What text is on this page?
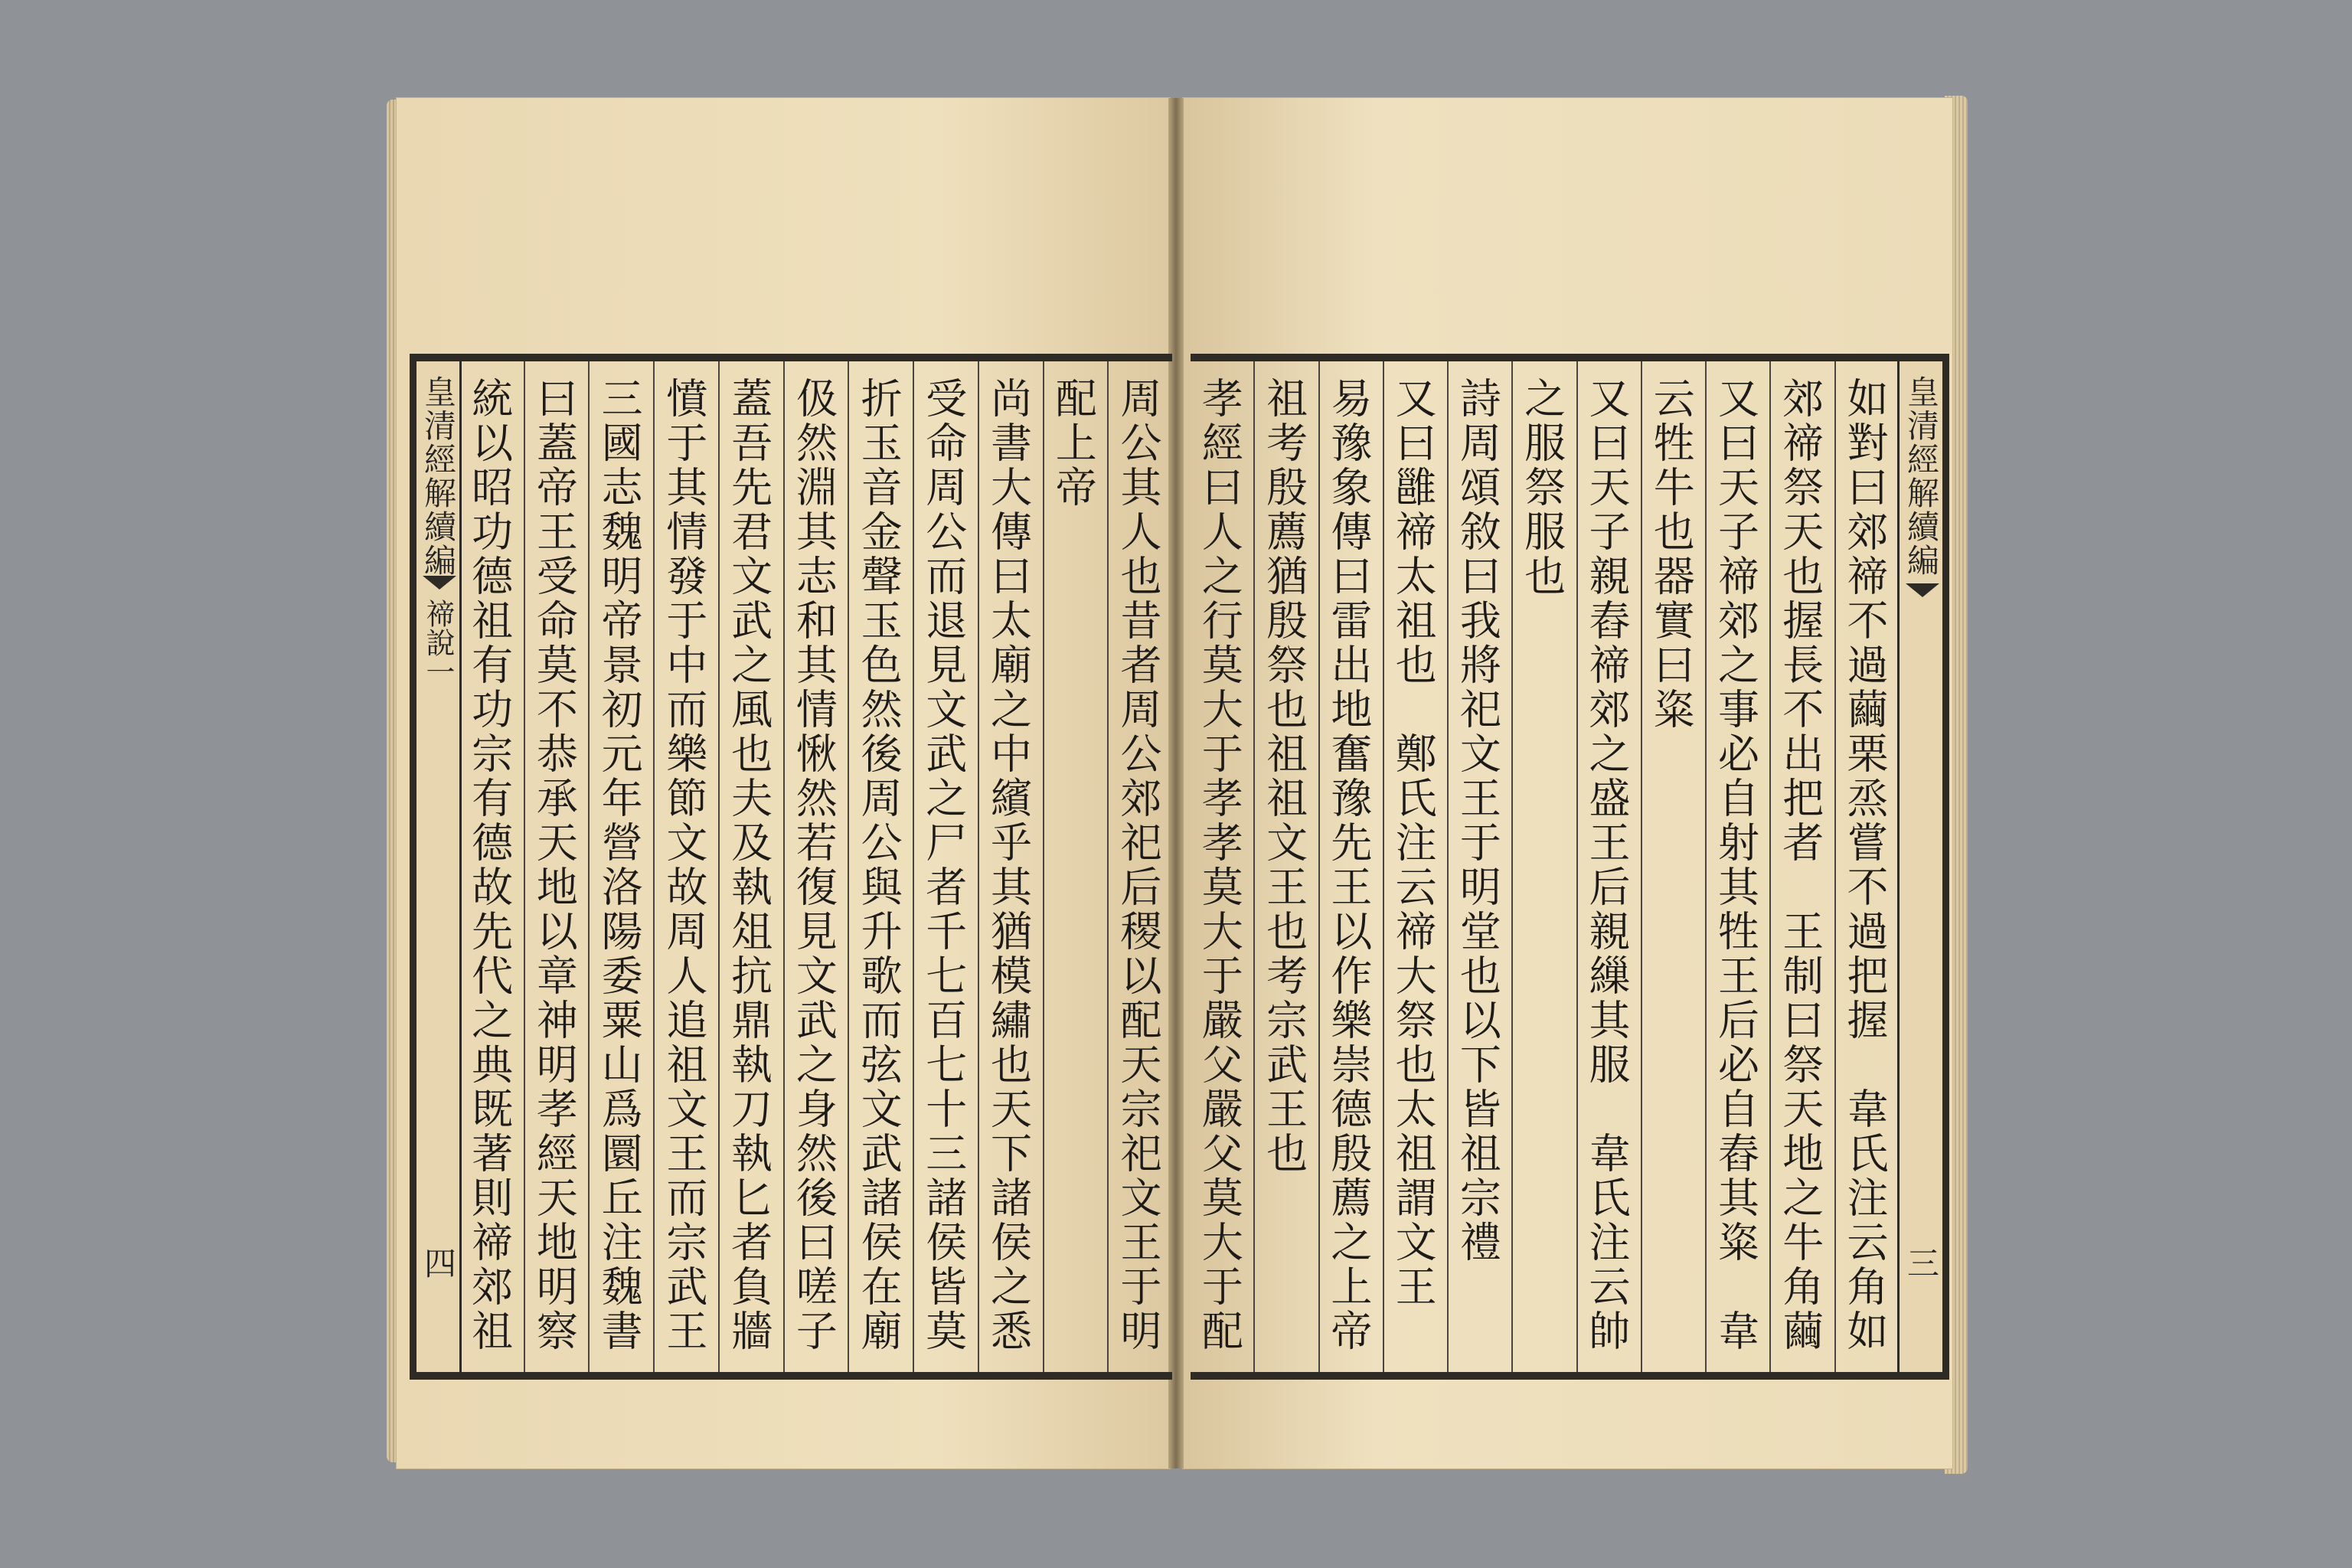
皇清經解續編
禘說一
四
周公其人也昔者周公郊祀后稷以配天宗祀文王于明
配上帝
尚書大傳曰太廟之中繽乎其猶模繡也天下諸侯之悉
受命周公而退見文武之尸者千七百七十三諸侯皆莫
折玉音金聲玉色然後周公與升歌而弦文武諸侯在廟
伋然淵其志和其情愀然若復見文武之身然後曰嗟子
蓋吾先君文武之風也夫及執俎抗鼎執刀執匕者負牆
憤于其情發于中而樂節文故周人追祖文王而宗武王
三國志魏明帝景初元年營洛陽委粟山爲圜丘注魏書
曰蓋帝王受命莫不恭承天地以章神明孝經天地明察
統以昭功德祖有功宗有德故先代之典既著則禘郊祖
皇清經解續編
三
如對曰郊禘不過繭栗烝嘗不過把握　韋氏注云角如
郊禘祭天也握長不出把者　王制曰祭天地之牛角繭
又曰天子禘郊之事必自射其牲王后必自舂其粢　韋
云牲牛也器實曰粢
又曰天子親舂禘郊之盛王后親繅其服　韋氏注云帥
之服祭服也
詩周頌敘曰我將祀文王于明堂也以下皆祖宗禮
又曰雝禘太祖也　鄭氏注云禘大祭也太祖謂文王
易豫象傳曰雷出地奮豫先王以作樂崇德殷薦之上帝
祖考殷薦猶殷祭也祖祖文王也考宗武王也
孝經曰人之行莫大于孝孝莫大于嚴父嚴父莫大于配
